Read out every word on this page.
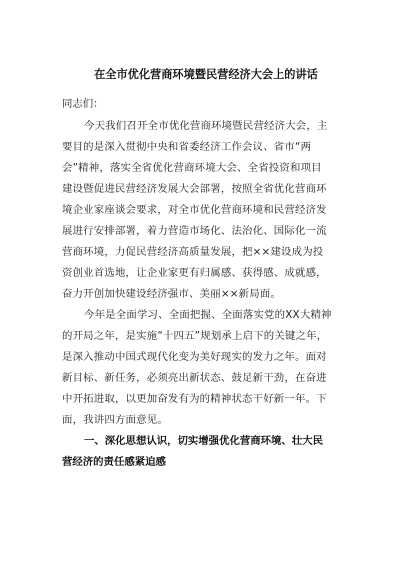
在全市优化营商环境暨民营经济大会上的讲话
同志们：
今天我们召开全市优化营商环境暨民营经济大会，主
要目的是深入贯彻中央和省委经济工作会议、省市“两
会”精神，落实全省优化营商环境大会、全省投资和项目
建设暨促进民营经济发展大会部署，按照全省优化营商环
境企业家座谈会要求，对全市优化营商环境和民营经济发
展进行安排部署，着力营造市场化、法治化、国际化一流
营商环境，力促民营经济高质量发展，把××建设成为投
资创业首选地，让企业家更有归属感、获得感、成就感，
奋力开创加快建设经济强市、美丽××新局面。
今年是全面学习、全面把握、全面落实党的XX大精神
的开局之年，是实施“十四五”规划承上启下的关键之年，
是深入推动中国式现代化变为美好现实的发力之年。面对
新目标、新任务，必须亮出新状态、鼓足新干劲，在奋进
中开拓进取，以更加奋发有为的精神状态干好新一年。下
面，我讲四方面意见。
一、深化思想认识，切实增强优化营商环境、壮大民
营经济的责任感紧迫感
